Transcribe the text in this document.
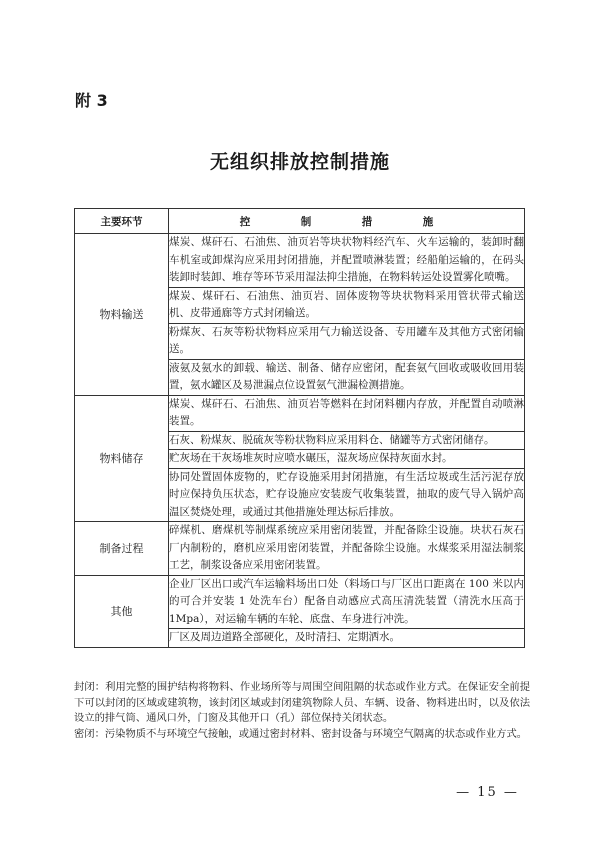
附 3
无组织排放控制措施
主要环节	控　制　措　施
物料输送	煤炭、煤矸石、石油焦、油页岩等块状物料经汽车、火车运输的，装卸时翻车机室或卸煤沟应采用封闭措施，并配置喷淋装置；经船舶运输的，在码头装卸时装卸、堆存等环节采用湿法抑尘措施，在物料转运处设置雾化喷嘴。
	煤炭、煤矸石、石油焦、油页岩、固体废物等块状物料采用管状带式输送机、皮带通廊等方式封闭输送。
	粉煤灰、石灰等粉状物料应采用气力输送设备、专用罐车及其他方式密闭输送。
	液氨及氨水的卸载、输送、制备、储存应密闭，配套氨气回收或吸收回用装置，氨水罐区及易泄漏点位设置氨气泄漏检测措施。
物料储存	煤炭、煤矸石、石油焦、油页岩等燃料在封闭料棚内存放，并配置自动喷淋装置。
	石灰、粉煤灰、脱硫灰等粉状物料应采用料仓、储罐等方式密闭储存。
	贮灰场在干灰场堆灰时应喷水碾压，湿灰场应保持灰面水封。
	协同处置固体废物的，贮存设施采用封闭措施，有生活垃圾或生活污泥存放时应保持负压状态，贮存设施应安装废气收集装置，抽取的废气导入锅炉高温区焚烧处理，或通过其他措施处理达标后排放。
制备过程	碎煤机、磨煤机等制煤系统应采用密闭装置，并配备除尘设施。块状石灰石厂内制粉的，磨机应采用密闭装置，并配备除尘设施。水煤浆采用湿法制浆工艺，制浆设备应采用密闭装置。
其他	企业厂区出口或汽车运输料场出口处（料场口与厂区出口距离在 100 米以内的可合并安装 1 处洗车台）配备自动感应式高压清洗装置（清洗水压高于 1Mpa），对运输车辆的车轮、底盘、车身进行冲洗。
	厂区及周边道路全部硬化，及时清扫、定期洒水。

封闭：利用完整的围护结构将物料、作业场所等与周围空间阻隔的状态或作业方式。在保证安全前提下可以封闭的区域或建筑物，该封闭区域或封闭建筑物除人员、车辆、设备、物料进出时，以及依法设立的排气筒、通风口外，门窗及其他开口（孔）部位保持关闭状态。

密闭：污染物质不与环境空气接触，或通过密封材料、密封设备与环境空气隔离的状态或作业方式。

— 15 —
